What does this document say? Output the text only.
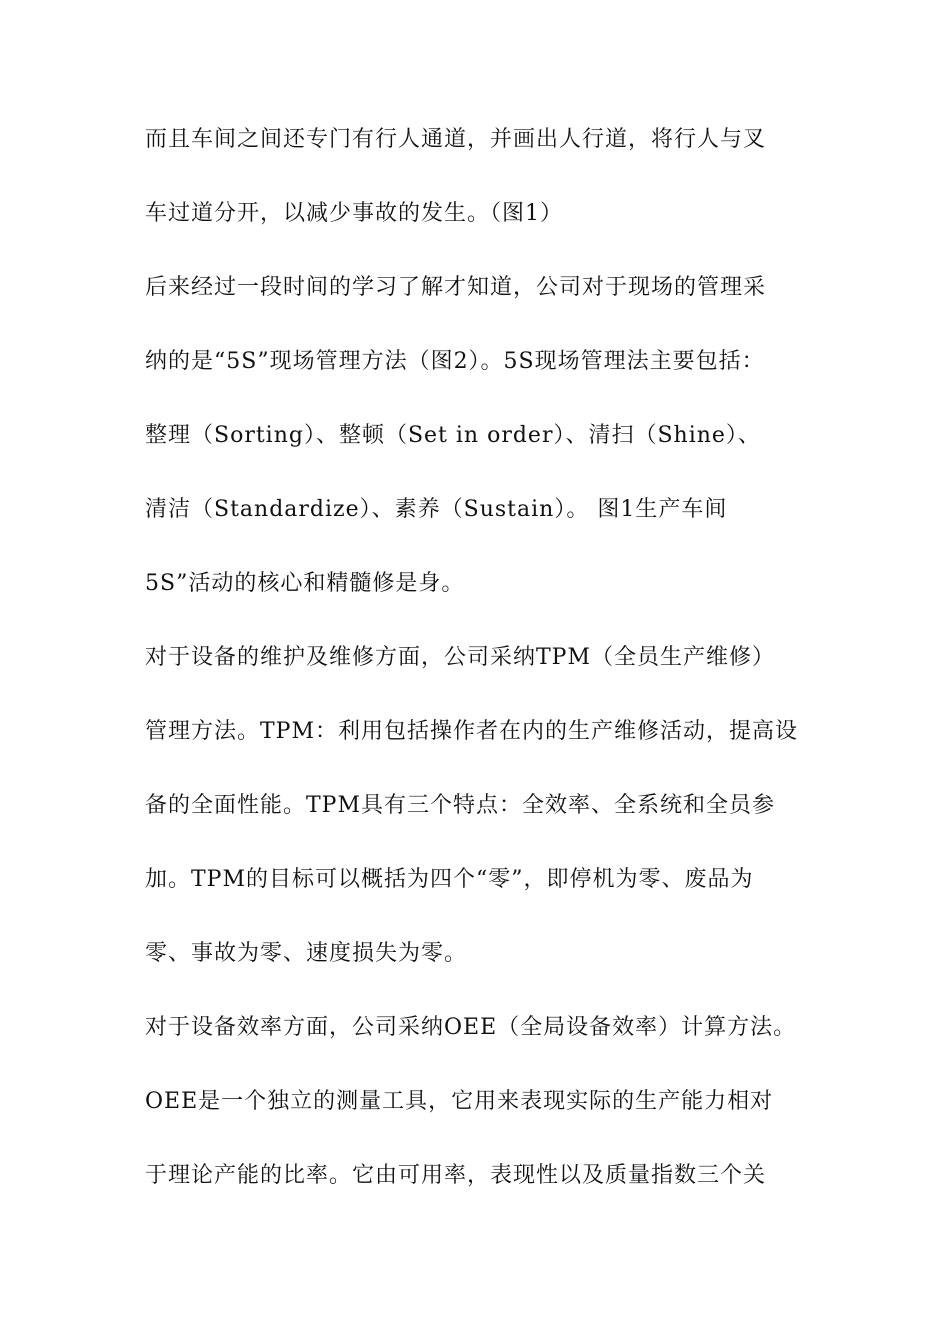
而且车间之间还专门有行人通道，并画出人行道，将行人与叉
车过道分开，以减少事故的发生。（图1）
后来经过一段时间的学习了解才知道，公司对于现场的管理采
纳的是“5S”现场管理方法（图2）。5S现场管理法主要包括：
整理（Sorting）、整顿（Set in order）、清扫（Shine）、
清洁（Standardize）、素养（Sustain）。 图1生产车间
5S”活动的核心和精髓修是身。
对于设备的维护及维修方面，公司采纳TPM（全员生产维修）
管理方法。TPM：利用包括操作者在内的生产维修活动，提高设
备的全面性能。TPM具有三个特点：全效率、全系统和全员参
加。TPM的目标可以概括为四个“零”，即停机为零、废品为
零、事故为零、速度损失为零。
对于设备效率方面，公司采纳OEE（全局设备效率）计算方法。
OEE是一个独立的测量工具，它用来表现实际的生产能力相对
于理论产能的比率。它由可用率，表现性以及质量指数三个关
